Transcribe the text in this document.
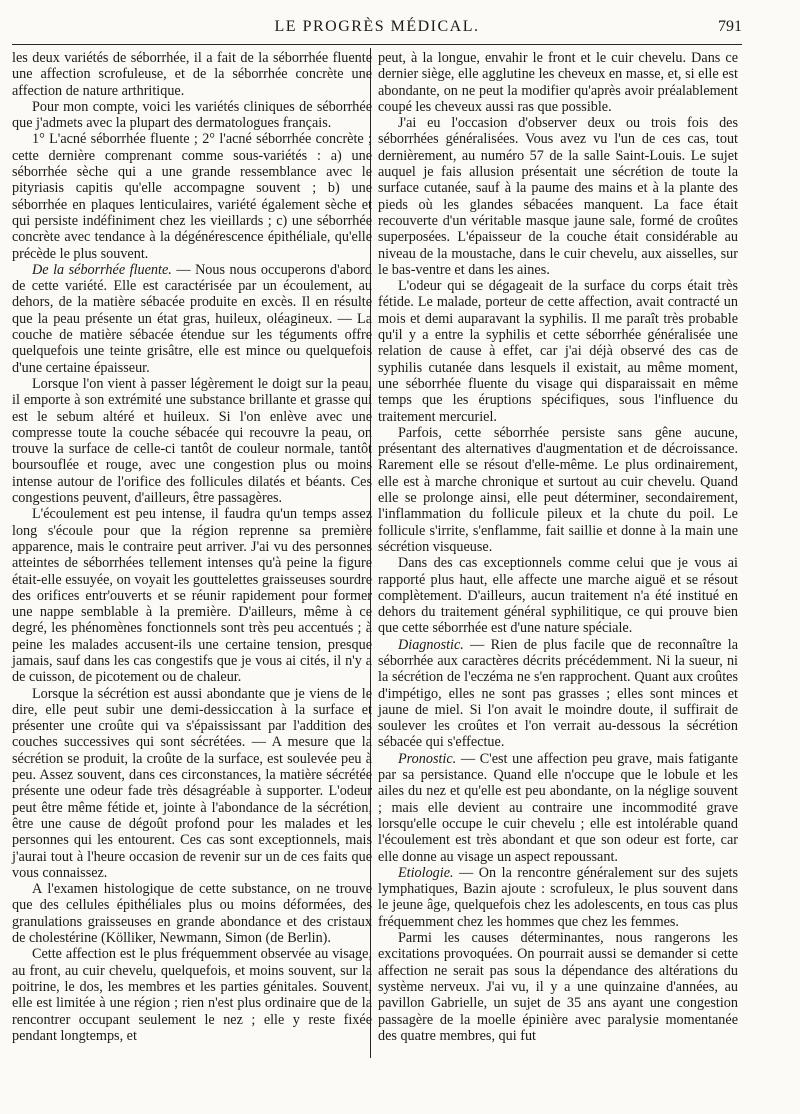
LE PROGRÈS MÉDICAL.	791

les deux variétés de séborrhée, il a fait de la séborrhée fluente une affection scrofuleuse, et de la séborrhée concrète une affection de nature arthritique.

Pour mon compte, voici les variétés cliniques de séborrhée que j'admets avec la plupart des dermatologues français.

1° L'acné séborrhée fluente ; 2° l'acné séborrhée concrète ; cette dernière comprenant comme sous-variétés : a) une séborrhée sèche qui a une grande ressemblance avec le pityriasis capitis qu'elle accompagne souvent ; b) une séborrhée en plaques lenticulaires, variété également sèche et qui persiste indéfiniment chez les vieillards ; c) une séborrhée concrète avec tendance à la dégénérescence épithéliale, qu'elle précède le plus souvent.

De la séborrhée fluente. — Nous nous occuperons d'abord de cette variété. Elle est caractérisée par un écoulement, au dehors, de la matière sébacée produite en excès. Il en résulte que la peau présente un état gras, huileux, oléagineux. — La couche de matière sébacée étendue sur les téguments offre quelquefois une teinte grisâtre, elle est mince ou quelquefois d'une certaine épaisseur.

Lorsque l'on vient à passer légèrement le doigt sur la peau, il emporte à son extrémité une substance brillante et grasse qui est le sebum altéré et huileux. Si l'on enlève avec une compresse toute la couche sébacée qui recouvre la peau, on trouve la surface de celle-ci tantôt de couleur normale, tantôt boursouflée et rouge, avec une congestion plus ou moins intense autour de l'orifice des follicules dilatés et béants. Ces congestions peuvent, d'ailleurs, être passagères.

L'écoulement est peu intense, il faudra qu'un temps assez long s'écoule pour que la région reprenne sa première apparence, mais le contraire peut arriver. J'ai vu des personnes atteintes de séborrhées tellement intenses qu'à peine la figure était-elle essuyée, on voyait les gouttelettes graisseuses sourdre des orifices entr'ouverts et se réunir rapidement pour former une nappe semblable à la première. D'ailleurs, même à ce degré, les phénomènes fonctionnels sont très peu accentués ; à peine les malades accusent-ils une certaine tension, presque jamais, sauf dans les cas congestifs que je vous ai cités, il n'y a de cuisson, de picotement ou de chaleur.

Lorsque la sécrétion est aussi abondante que je viens de le dire, elle peut subir une demi-dessiccation à la surface et présenter une croûte qui va s'épaississant par l'addition des couches successives qui sont sécrétées. — A mesure que la sécrétion se produit, la croûte de la surface, est soulevée peu à peu. Assez souvent, dans ces circonstances, la matière sécrétée présente une odeur fade très désagréable à supporter. L'odeur peut être même fétide et, jointe à l'abondance de la sécrétion, être une cause de dégoût profond pour les malades et les personnes qui les entourent. Ces cas sont exceptionnels, mais j'aurai tout à l'heure occasion de revenir sur un de ces faits que vous connaissez.

A l'examen histologique de cette substance, on ne trouve que des cellules épithéliales plus ou moins déformées, des granulations graisseuses en grande abondance et des cristaux de cholestérine (Kölliker, Newmann, Simon (de Berlin).

Cette affection est le plus fréquemment observée au visage, au front, au cuir chevelu, quelquefois, et moins souvent, sur la poitrine, le dos, les membres et les parties génitales. Souvent, elle est limitée à une région ; rien n'est plus ordinaire que de la rencontrer occupant seulement le nez ; elle y reste fixée pendant longtemps, et

peut, à la longue, envahir le front et le cuir chevelu. Dans ce dernier siège, elle agglutine les cheveux en masse, et, si elle est abondante, on ne peut la modifier qu'après avoir préalablement coupé les cheveux aussi ras que possible.

J'ai eu l'occasion d'observer deux ou trois fois des séborrhées généralisées. Vous avez vu l'un de ces cas, tout dernièrement, au numéro 57 de la salle Saint-Louis. Le sujet auquel je fais allusion présentait une sécrétion de toute la surface cutanée, sauf à la paume des mains et à la plante des pieds où les glandes sébacées manquent. La face était recouverte d'un véritable masque jaune sale, formé de croûtes superposées. L'épaisseur de la couche était considérable au niveau de la moustache, dans le cuir chevelu, aux aisselles, sur le bas-ventre et dans les aines.

L'odeur qui se dégageait de la surface du corps était très fétide. Le malade, porteur de cette affection, avait contracté un mois et demi auparavant la syphilis. Il me paraît très probable qu'il y a entre la syphilis et cette séborrhée généralisée une relation de cause à effet, car j'ai déjà observé des cas de syphilis cutanée dans lesquels il existait, au même moment, une séborrhée fluente du visage qui disparaissait en même temps que les éruptions spécifiques, sous l'influence du traitement mercuriel.

Parfois, cette séborrhée persiste sans gêne aucune, présentant des alternatives d'augmentation et de décroissance. Rarement elle se résout d'elle-même. Le plus ordinairement, elle est à marche chronique et surtout au cuir chevelu. Quand elle se prolonge ainsi, elle peut déterminer, secondairement, l'inflammation du follicule pileux et la chute du poil. Le follicule s'irrite, s'enflamme, fait saillie et donne à la main une sécrétion visqueuse.

Dans des cas exceptionnels comme celui que je vous ai rapporté plus haut, elle affecte une marche aiguë et se résout complètement. D'ailleurs, aucun traitement n'a été institué en dehors du traitement général syphilitique, ce qui prouve bien que cette séborrhée est d'une nature spéciale.

Diagnostic. — Rien de plus facile que de reconnaître la séborrhée aux caractères décrits précédemment. Ni la sueur, ni la sécrétion de l'eczéma ne s'en rapprochent. Quant aux croûtes d'impétigo, elles ne sont pas grasses ; elles sont minces et jaune de miel. Si l'on avait le moindre doute, il suffirait de soulever les croûtes et l'on verrait au-dessous la sécrétion sébacée qui s'effectue.

Pronostic. — C'est une affection peu grave, mais fatigante par sa persistance. Quand elle n'occupe que le lobule et les ailes du nez et qu'elle est peu abondante, on la néglige souvent ; mais elle devient au contraire une incommodité grave lorsqu'elle occupe le cuir chevelu ; elle est intolérable quand l'écoulement est très abondant et que son odeur est forte, car elle donne au visage un aspect repoussant.

Etiologie. — On la rencontre généralement sur des sujets lymphatiques, Bazin ajoute : scrofuleux, le plus souvent dans le jeune âge, quelquefois chez les adolescents, en tous cas plus fréquemment chez les hommes que chez les femmes.

Parmi les causes déterminantes, nous rangerons les excitations provoquées. On pourrait aussi se demander si cette affection ne serait pas sous la dépendance des altérations du système nerveux. J'ai vu, il y a une quinzaine d'années, au pavillon Gabrielle, un sujet de 35 ans ayant une congestion passagère de la moelle épinière avec paralysie momentanée des quatre membres, qui fut
